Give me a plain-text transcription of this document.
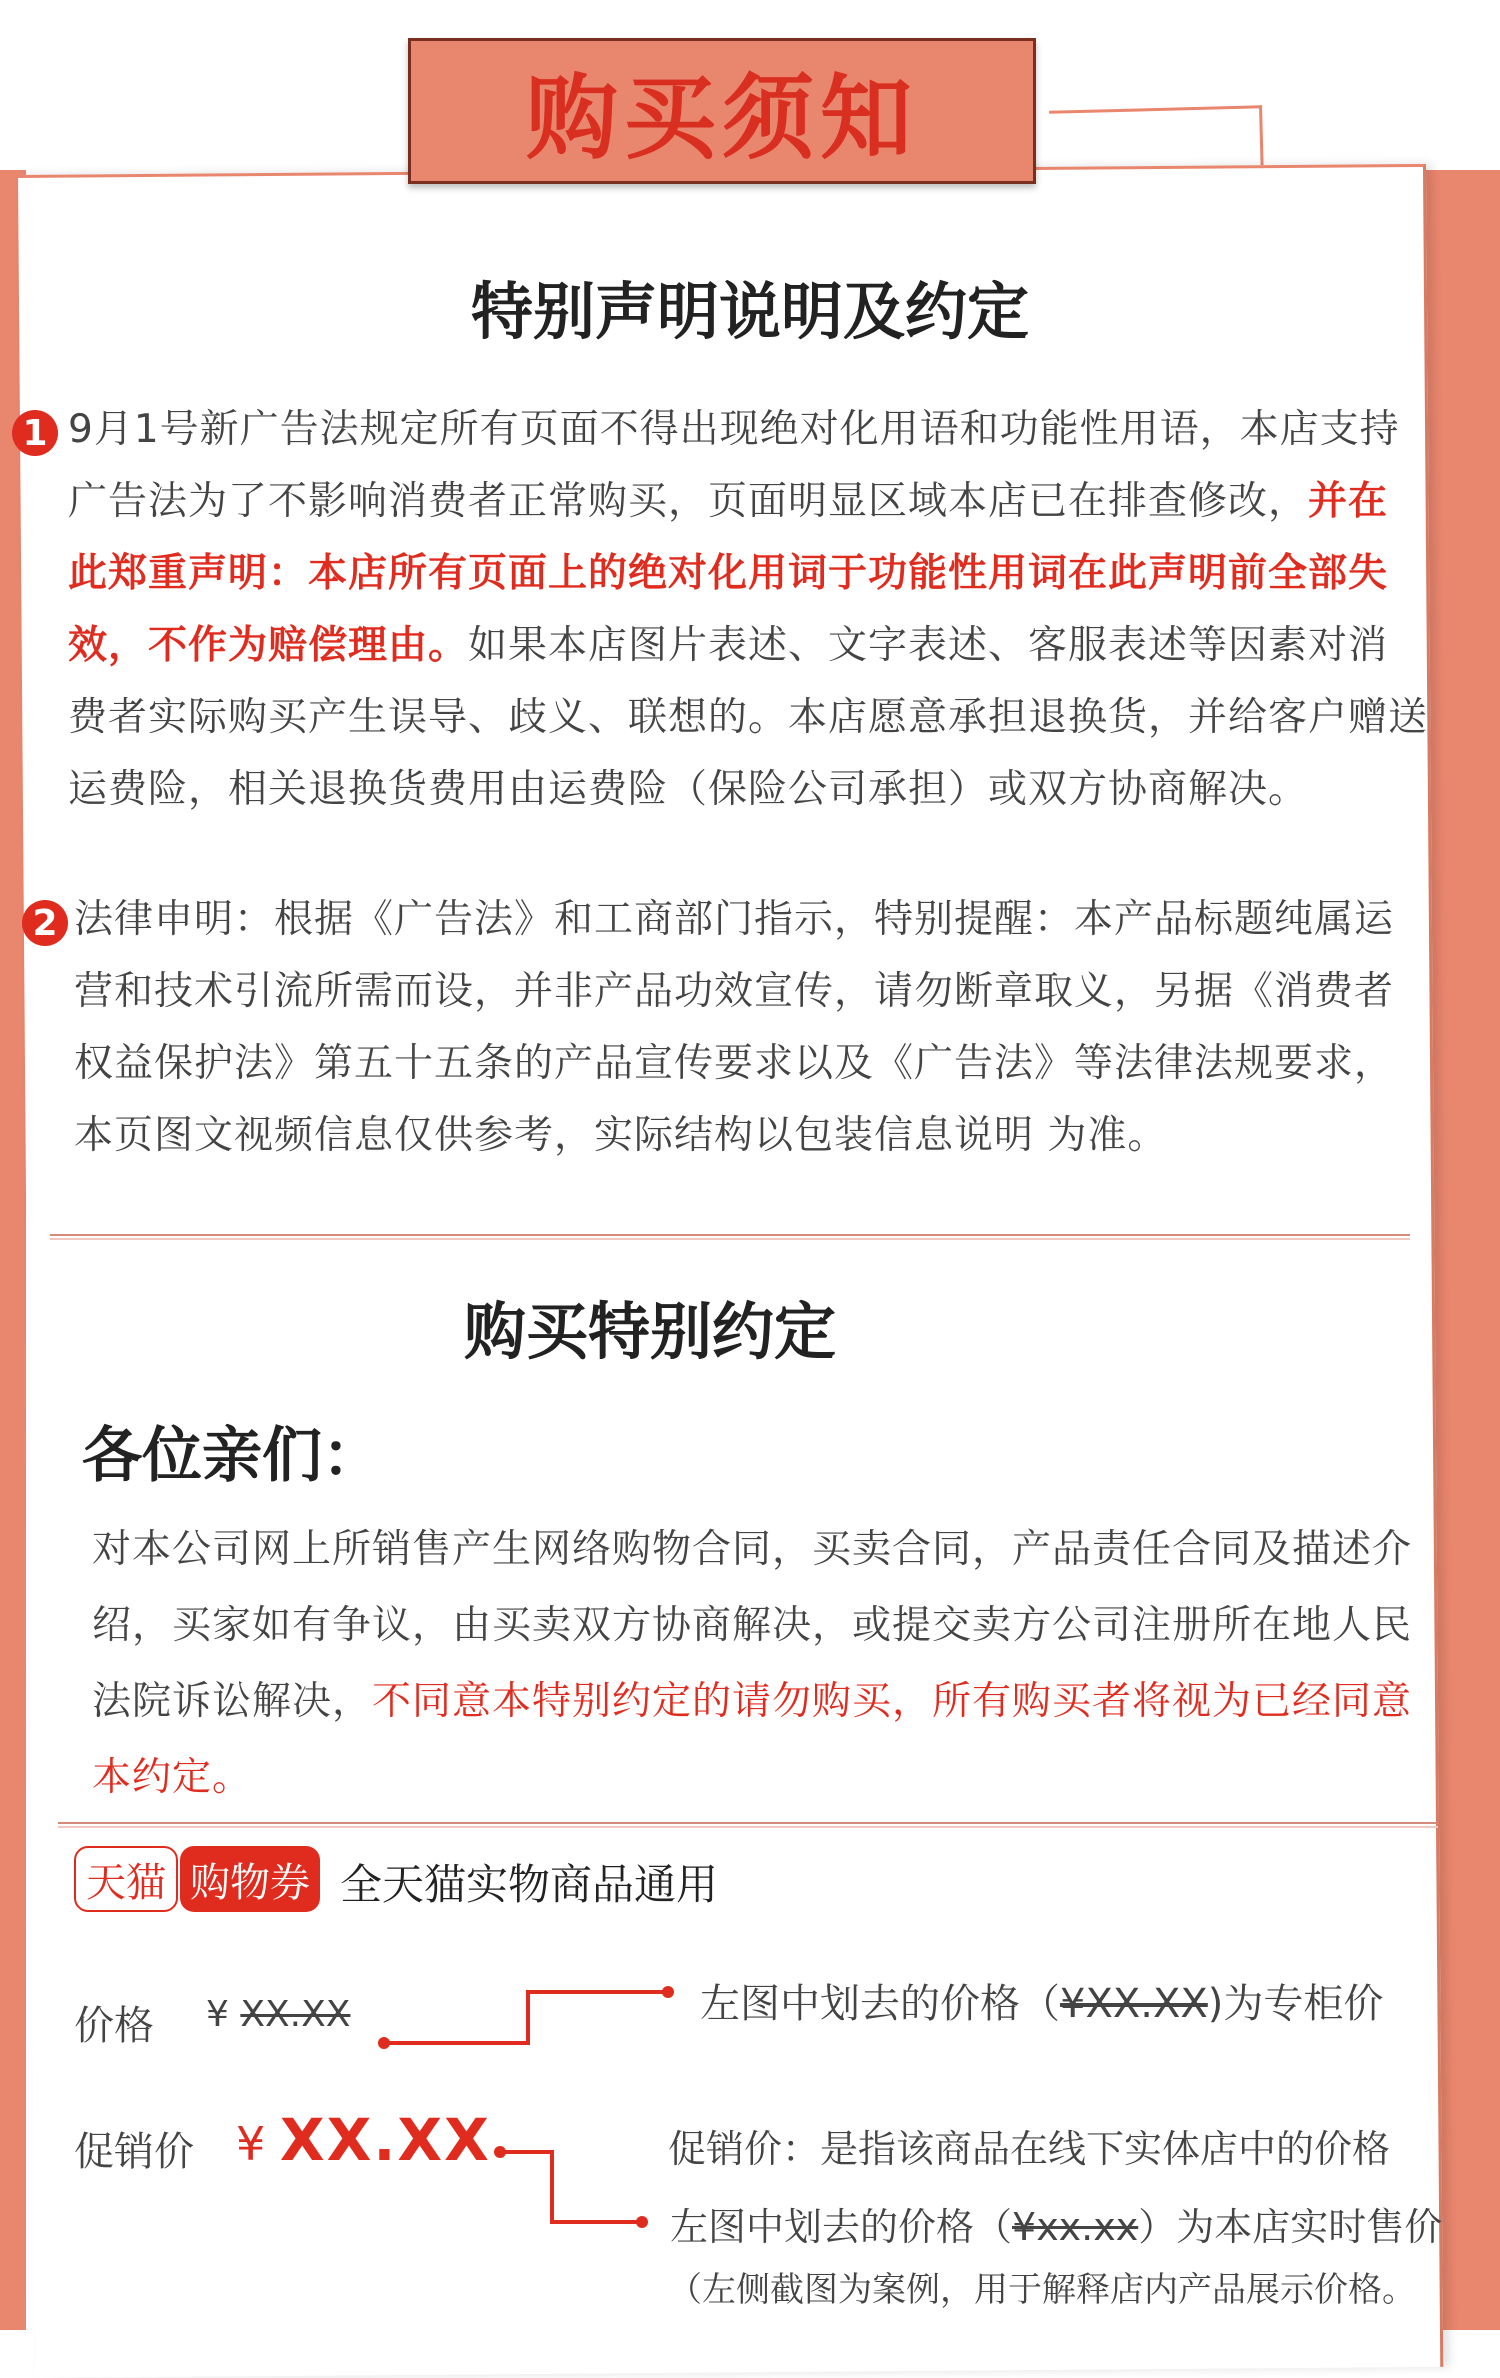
购买须知
特别声明说明及约定
1 9月1号新广告法规定所有页面不得出现绝对化用语和功能性用语，本店支持广告法为了不影响消费者正常购买，页面明显区域本店已在排查修改，并在此郑重声明：本店所有页面上的绝对化用词于功能性用词在此声明前全部失效，不作为赔偿理由。如果本店图片表述、文字表述、客服表述等因素对消费者实际购买产生误导、歧义、联想的。本店愿意承担退换货，并给客户赠送运费险，相关退换货费用由运费险（保险公司承担）或双方协商解决。
2 法律申明：根据《广告法》和工商部门指示，特别提醒：本产品标题纯属运营和技术引流所需而设，并非产品功效宣传，请勿断章取义，另据《消费者权益保护法》第五十五条的产品宣传要求以及《广告法》等法律法规要求，本页图文视频信息仅供参考，实际结构以包装信息说明 为准。
购买特别约定
各位亲们：
对本公司网上所销售产生网络购物合同，买卖合同，产品责任合同及描述介绍，买家如有争议，由买卖双方协商解决，或提交卖方公司注册所在地人民法院诉讼解决，不同意本特别约定的请勿购买，所有购买者将视为已经同意本约定。
天猫 购物券 全天猫实物商品通用
价格 ¥ XX.XX	左图中划去的价格（¥XX.XX)为专柜价
促销价 ¥ XX.XX	促销价：是指该商品在线下实体店中的价格
左图中划去的价格（¥xx.xx）为本店实时售价
（左侧截图为案例，用于解释店内产品展示价格。
